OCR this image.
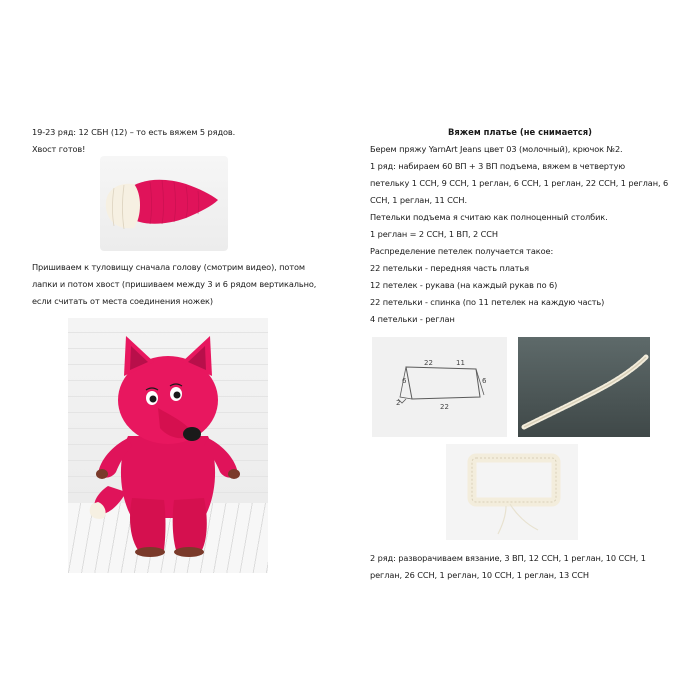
19-23 ряд: 12 СБН (12) – то есть вяжем 5 рядов.
Хвост готов!
Пришиваем к туловищу сначала голову (смотрим видео), потом
лапки и потом хвост (пришиваем между 3 и 6 рядом вертикально,
если считать от места соединения ножек)
Вяжем платье (не снимается)
Берем пряжу YarnArt Jeans цвет 03 (молочный), крючок №2.
1 ряд: набираем 60 ВП + 3 ВП подъема, вяжем в четвертую
петельку 1 ССН, 9 ССН, 1 реглан, 6 ССН, 1 реглан, 22 ССН, 1 реглан, 6
ССН, 1 реглан, 11 ССН.
Петельки подъема я считаю как полноценный столбик.
1 реглан = 2 ССН, 1 ВП, 2 ССН
Распределение петелек получается такое:
22 петельки - передняя часть платья
12 петелек - рукава (на каждый рукав по 6)
22 петельки - спинка (по 11 петелек на каждую часть)
4 петельки - реглан
22	11
6	6
22
2
2 ряд: разворачиваем вязание, 3 ВП, 12 ССН, 1 реглан, 10 ССН, 1
реглан, 26 ССН, 1 реглан, 10 ССН, 1 реглан, 13 ССН
